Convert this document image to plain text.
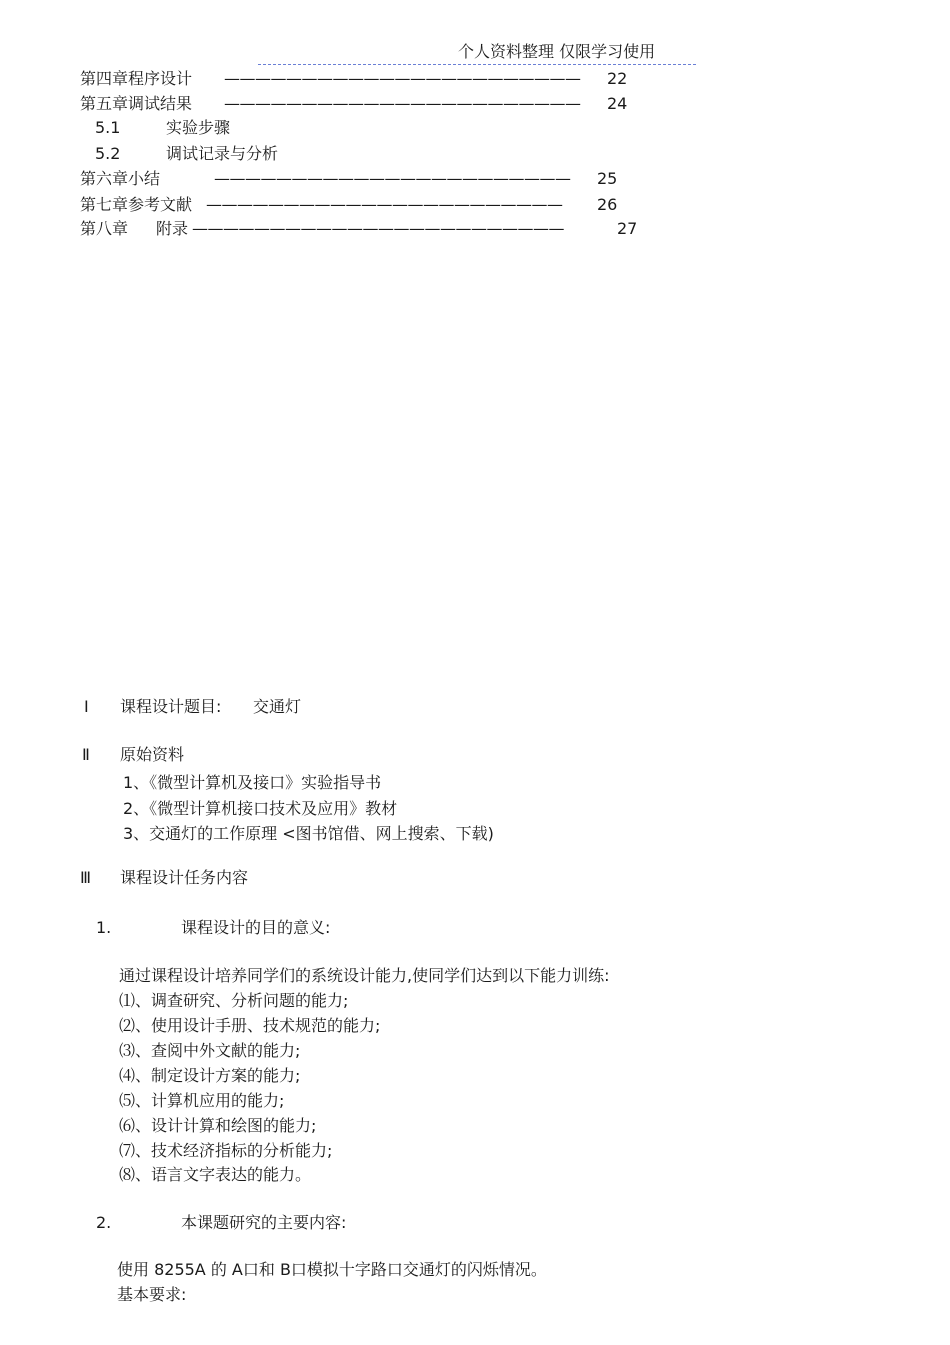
个人资料整理 仅限学习使用
第四章程序设计 ——————————————————————— 22
第五章调试结果 ——————————————————————— 24
5.1	实验步骤
5.2	调试记录与分析
第六章小结	——————————————————————— 25
第七章参考文献 ——————————————————————— 26
第八章 附录 ————————————————————————	27
Ⅰ 课程设计题目: 交通灯
Ⅱ 原始资料
1、《微型计算机及接口》实验指导书
2、《微型计算机接口技术及应用》教材
3、交通灯的工作原理 <图书馆借、网上搜索、下载)
Ⅲ 课程设计任务内容
1.	课程设计的目的意义:
通过课程设计培养同学们的系统设计能力,使同学们达到以下能力训练:
⑴、调查研究、分析问题的能力;
⑵、使用设计手册、技术规范的能力;
⑶、查阅中外文献的能力;
⑷、制定设计方案的能力;
⑸、计算机应用的能力;
⑹、设计计算和绘图的能力;
⑺、技术经济指标的分析能力;
⑻、语言文字表达的能力。
2.	本课题研究的主要内容:
使用 8255A 的 A口和 B口模拟十字路口交通灯的闪烁情况。
基本要求:
